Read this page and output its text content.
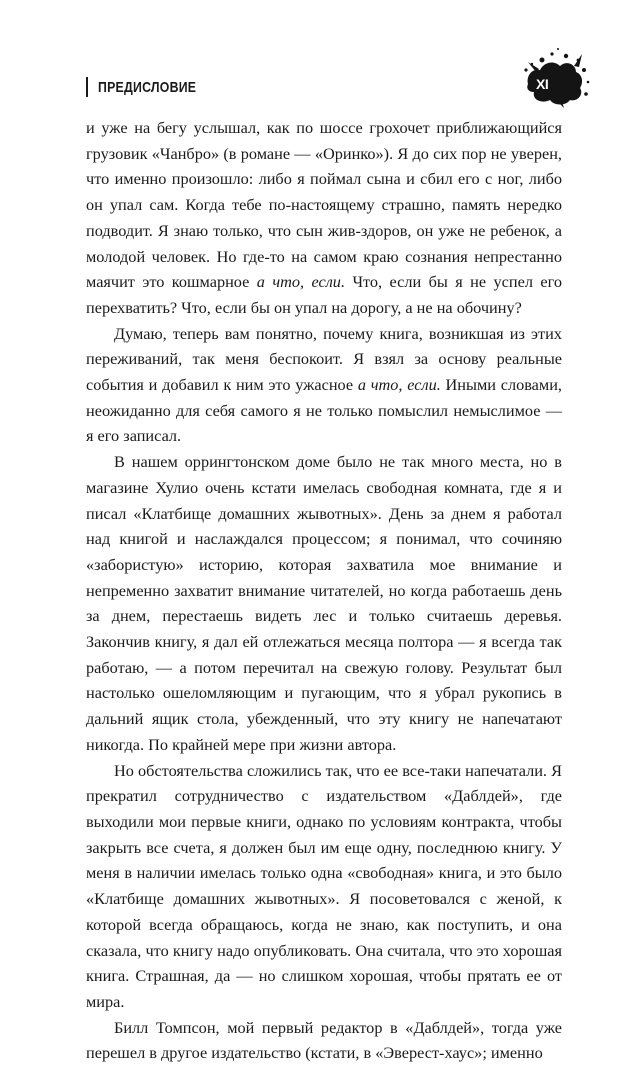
ПРЕДИСЛОВИЕ	XI

и уже на бегу услышал, как по шоссе грохочет приближающийся грузовик «Чанбро» (в романе — «Оринко»). Я до сих пор не уверен, что именно произошло: либо я поймал сына и сбил его с ног, либо он упал сам. Когда тебе по-настоящему страшно, память нередко подводит. Я знаю только, что сын жив-здоров, он уже не ребенок, а молодой человек. Но где-то на самом краю сознания непрестанно маячит это кошмарное а что, если. Что, если бы я не успел его перехватить? Что, если бы он упал на дорогу, а не на обочину?

Думаю, теперь вам понятно, почему книга, возникшая из этих переживаний, так меня беспокоит. Я взял за основу реальные события и добавил к ним это ужасное а что, если. Иными словами, неожиданно для себя самого я не только помыслил немыслимое — я его записал.

В нашем оррингтонском доме было не так много места, но в магазине Хулио очень кстати имелась свободная комната, где я и писал «Клатбище домашних жывотных». День за днем я работал над книгой и наслаждался процессом; я понимал, что сочиняю «забористую» историю, которая захватила мое внимание и непременно захватит внимание читателей, но когда работаешь день за днем, перестаешь видеть лес и только считаешь деревья. Закончив книгу, я дал ей отлежаться месяца полтора — я всегда так работаю, — а потом перечитал на свежую голову. Результат был настолько ошеломляющим и пугающим, что я убрал рукопись в дальний ящик стола, убежденный, что эту книгу не напечатают никогда. По крайней мере при жизни автора.

Но обстоятельства сложились так, что ее все-таки напечатали. Я прекратил сотрудничество с издательством «Даблдей», где выходили мои первые книги, однако по условиям контракта, чтобы закрыть все счета, я должен был им еще одну, последнюю книгу. У меня в наличии имелась только одна «свободная» книга, и это было «Клатбище домашних жывотных». Я посоветовался с женой, к которой всегда обращаюсь, когда не знаю, как поступить, и она сказала, что книгу надо опубликовать. Она считала, что это хорошая книга. Страшная, да — но слишком хорошая, чтобы прятать ее от мира.

Билл Томпсон, мой первый редактор в «Даблдей», тогда уже перешел в другое издательство (кстати, в «Эверест-хаус»; именно
